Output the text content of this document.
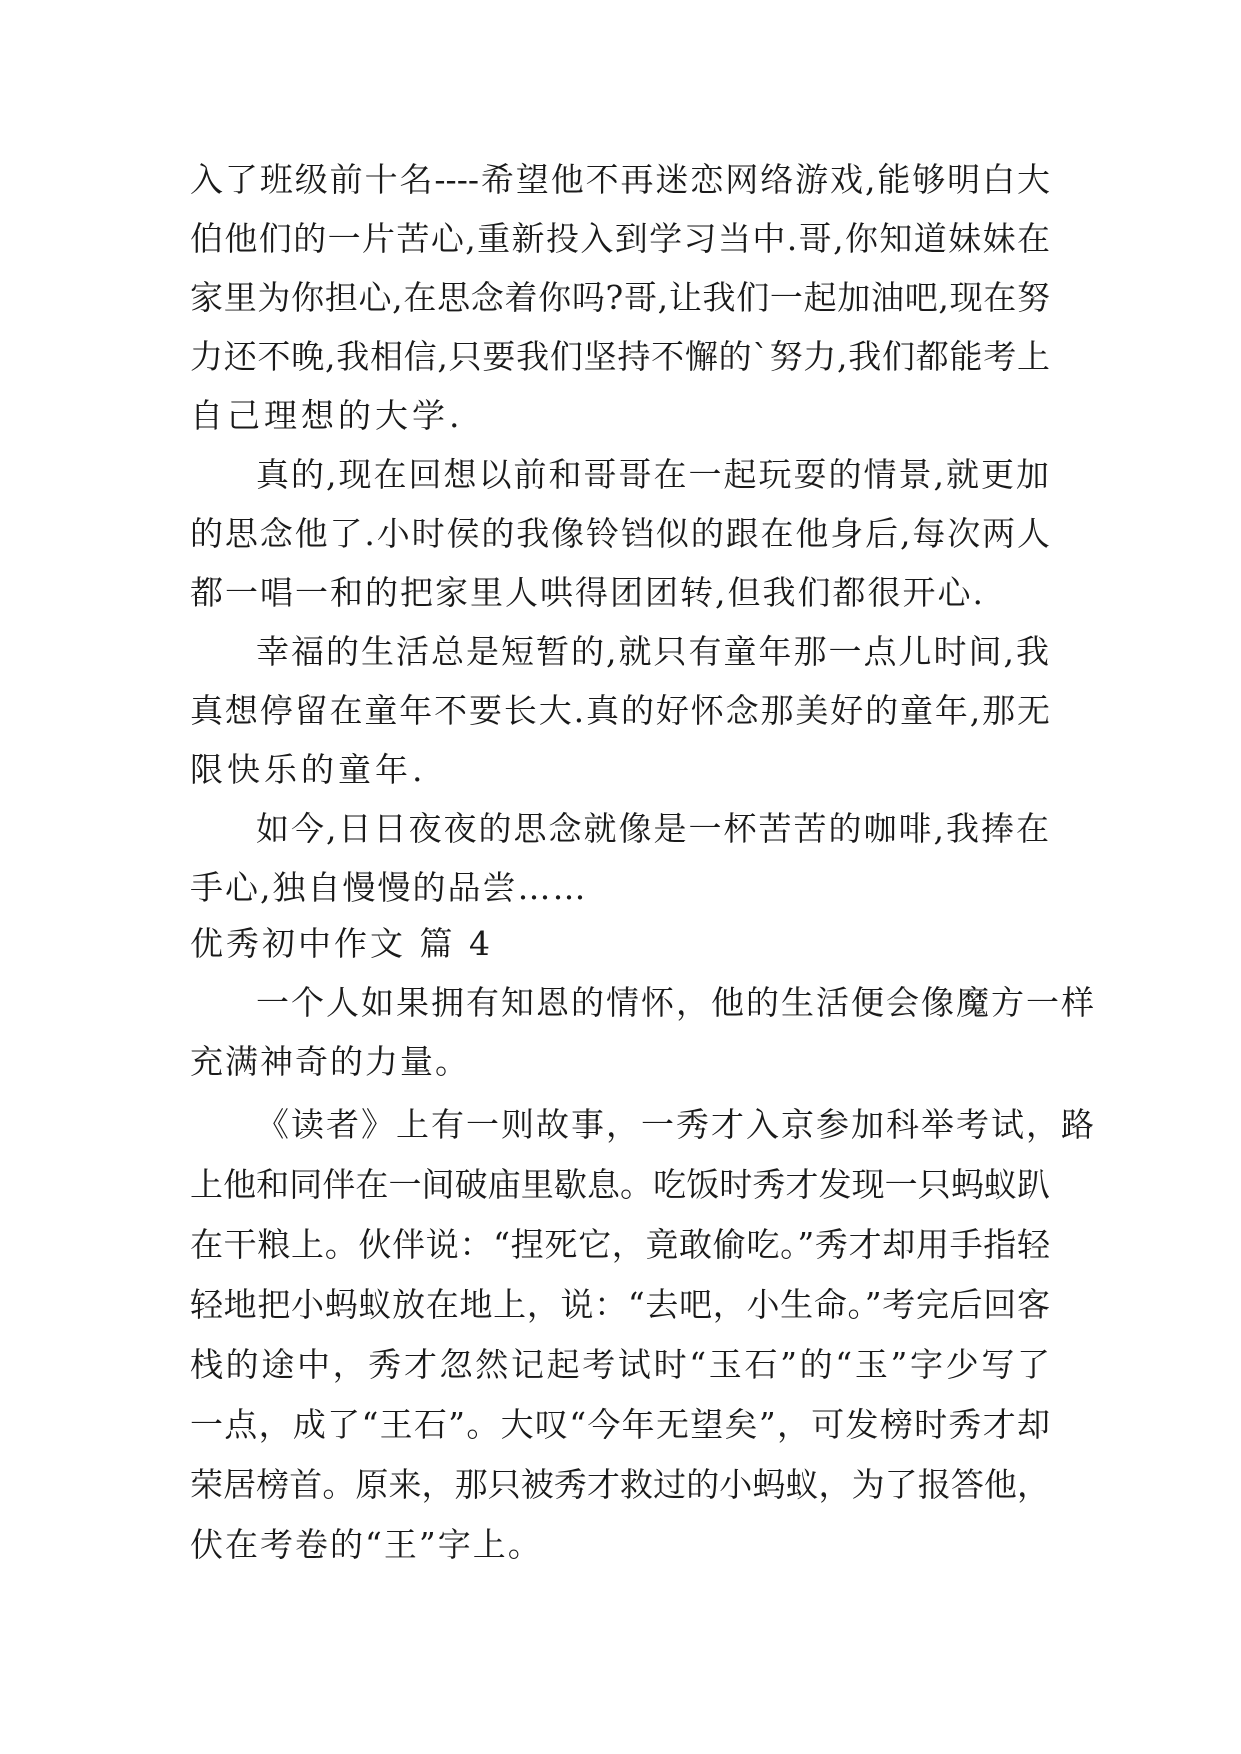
入了班级前十名----希望他不再迷恋网络游戏,能够明白大
伯他们的一片苦心,重新投入到学习当中.哥,你知道妹妹在
家里为你担心,在思念着你吗?哥,让我们一起加油吧,现在努
力还不晚,我相信,只要我们坚持不懈的`努力,我们都能考上
自己理想的大学.
真的,现在回想以前和哥哥在一起玩耍的情景,就更加
的思念他了.小时侯的我像铃铛似的跟在他身后,每次两人
都一唱一和的把家里人哄得团团转,但我们都很开心.
幸福的生活总是短暂的,就只有童年那一点儿时间,我
真想停留在童年不要长大.真的好怀念那美好的童年,那无
限快乐的童年.
如今,日日夜夜的思念就像是一杯苦苦的咖啡,我捧在
手心,独自慢慢的品尝……
优秀初中作文 篇 4
一个人如果拥有知恩的情怀，他的生活便会像魔方一样
充满神奇的力量。
《读者》上有一则故事，一秀才入京参加科举考试，路
上他和同伴在一间破庙里歇息。吃饭时秀才发现一只蚂蚁趴
在干粮上。伙伴说：“捏死它，竟敢偷吃。”秀才却用手指轻
轻地把小蚂蚁放在地上，说：“去吧，小生命。”考完后回客
栈的途中，秀才忽然记起考试时“玉石”的“玉”字少写了
一点，成了“王石”。大叹“今年无望矣”，可发榜时秀才却
荣居榜首。原来，那只被秀才救过的小蚂蚁，为了报答他，
伏在考卷的“王”字上。
